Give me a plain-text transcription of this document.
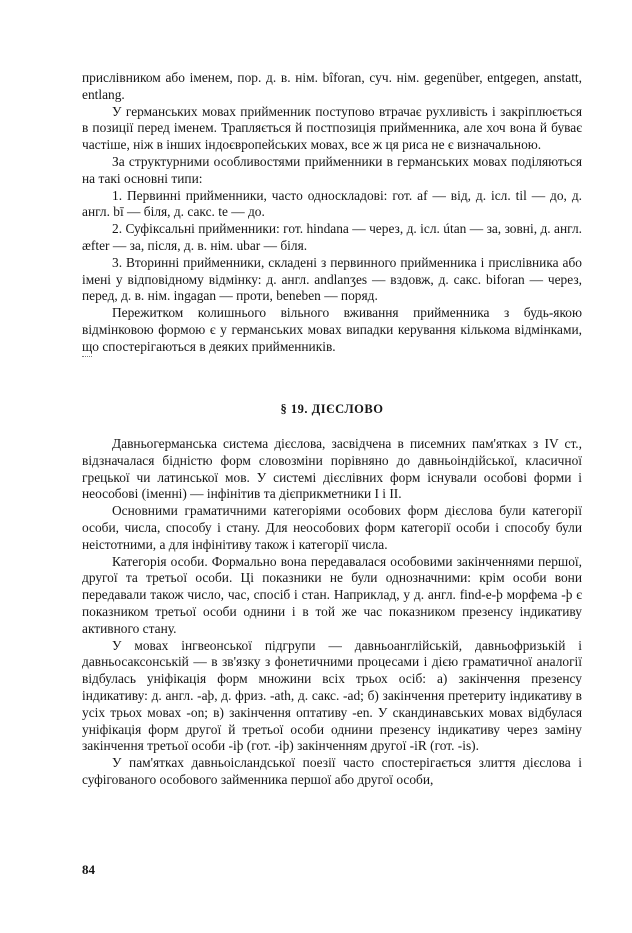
прислівником або іменем, пор. д. в. нім. bîforan, суч. нім. gegenüber, entgegen, anstatt, entlang.

У германських мовах прийменник поступово втрачає рухливість і закріплюється в позиції перед іменем. Трапляється й постпозиція прийменника, але хоч вона й буває частіше, ніж в інших індоєвропейських мовах, все ж ця риса не є визначальною.

За структурними особливостями прийменники в германських мовах поділяються на такі основні типи:

1. Первинні прийменники, часто односкладові: гот. af — від, д. ісл. til — до, д. англ. bī — біля, д. сакс. te — до.

2. Суфіксальні прийменники: гот. hindana — через, д. ісл. útan — за, зовні, д. англ. æfter — за, після, д. в. нім. ubar — біля.

3. Вторинні прийменники, складені з первинного прийменника і прислівника або імені у відповідному відмінку: д. англ. andlanʒes — вздовж, д. сакс. biforan — через, перед, д. в. нім. ingagan — проти, beneben — поряд.

Пережитком колишнього вільного вживання прийменника з будь-якою відмінковою формою є у германських мовах випадки керування кількома відмінками, що спостерігаються в деяких прийменників.

§ 19. ДІЄСЛОВО

Давньогерманська система дієслова, засвідчена в писемних пам'ятках з IV ст., відзначалася бідністю форм словозміни порівняно до давньоіндійської, класичної грецької чи латинської мов. У системі дієслівних форм існували особові форми і неособові (іменні) — інфінітив та дієприкметники I і II.

Основними граматичними категоріями особових форм дієслова були категорії особи, числа, способу і стану. Для неособових форм категорії особи і способу були неістотними, а для інфінітиву також і категорії числа.

Категорія особи. Формально вона передавалася особовими закінченнями першої, другої та третьої особи. Ці показники не були однозначними: крім особи вони передавали також число, час, спосіб і стан. Наприклад, у д. англ. find-e-þ морфема -þ є показником третьої особи однини і в той же час показником презенсу індикативу активного стану.

У мовах інгвеонської підгрупи — давньоанглійській, давньофризькій і давньосаксонській — в зв'язку з фонетичними процесами і дією граматичної аналогії відбулась уніфікація форм множини всіх трьох осіб: а) закінчення презенсу індикативу: д. англ. -aþ, д. фриз. -ath, д. сакс. -ad; б) закінчення претериту індикативу в усіх трьох мовах -on; в) закінчення оптативу -en. У скандинавських мовах відбулася уніфікація форм другої й третьої особи однини презенсу індикативу через заміну закінчення третьої особи -iþ (гот. -iþ) закінченням другої -iR (гот. -is).

У пам'ятках давньоісландської поезії часто спостерігається злиття дієслова і суфігованого особового займенника першої або другої особи,

84
